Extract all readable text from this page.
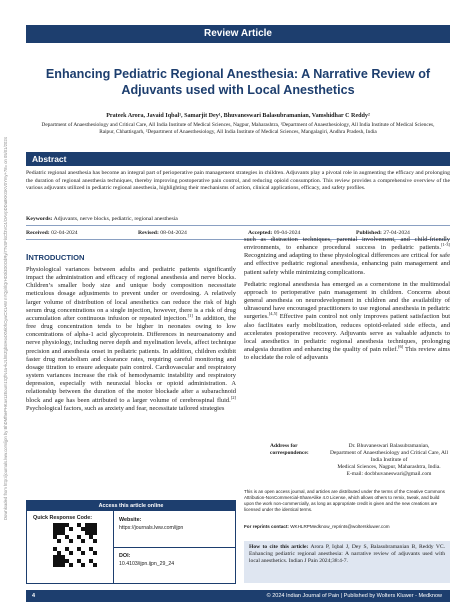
Downloaded from http://journals.lww.com/ijpn by BhDMf5ePHKav1zEoum1tQfN4a+kJLhEZgbsIHo4XMi0hCywCX1AW nYQp/IlQrHD3i3D0OdRyi7TvSFl4Cf3VC4/OAVpDDa8KKGKV0Ymy+78= on 05/01/2024
Review Article
Enhancing Pediatric Regional Anesthesia: A Narrative Review of Adjuvants used with Local Anesthetics
Prateek Arora, Javaid Iqbal¹, Samarjit Dey¹, Bhuvaneswari Balasubramanian, Vamshidhar C Reddy²
Department of Anaesthesiology and Critical Care, All India Institute of Medical Sciences, Nagpur, Maharashtra, ¹Department of Anaesthesiology, All India Institute of Medical Sciences, Raipur, Chhattisgarh, ²Department of Anaesthesiology, All India Institute of Medical Sciences, Mangalagiri, Andhra Pradesh, India
Abstract
Pediatric regional anesthesia has become an integral part of perioperative pain management strategies in children. Adjuvants play a pivotal role in augmenting the efficacy and prolonging the duration of regional anesthesia techniques, thereby improving postoperative pain control, and reducing opioid consumption. This review provides a comprehensive overview of the various adjuvants utilized in pediatric regional anesthesia, highlighting their mechanisms of action, clinical applications, efficacy, and safety profiles.
Keywords: Adjuvants, nerve blocks, pediatric, regional anesthesia
Received: 02-04-2024	Revised: 08-04-2024	Accepted: 09-04-2024	Published: 27-04-2024
INTRODUCTION
Physiological variances between adults and pediatric patients significantly impact the administration and efficacy of regional anesthesia and nerve blocks. Children’s smaller body size and unique body composition necessitate meticulous dosage adjustments to prevent under or overdosing. A relatively larger volume of distribution of local anesthetics can reduce the risk of high serum drug concentrations on a single injection, however, there is a risk of drug accumulation after continuous infusion or repeated injection.[1] In addition, the free drug concentration tends to be higher in neonates owing to low concentrations of alpha-1 acid glycoprotein. Differences in neuroanatomy and nerve physiology, including nerve depth and myelination levels, affect technique precision and anesthesia onset in pediatric patients. In addition, children exhibit faster drug metabolism and clearance rates, requiring careful monitoring and dosage titration to ensure adequate pain control. Cardiovascular and respiratory system variances increase the risk of hemodynamic instability and respiratory depression, especially with neuraxial blocks or opioid administration. A relationship between the duration of the motor blockade after a subarachnoid block and age has been attributed to a larger volume of cerebrospinal fluid.[2] Psychological factors, such as anxiety and fear, necessitate tailored strategies
such as distraction techniques, parental involvement, and child-friendly environments, to enhance procedural success in pediatric patients.[1-3] Recognizing and adapting to these physiological differences are critical for safe and effective pediatric regional anesthesia, enhancing pain management and patient safety while minimizing complications.
Pediatric regional anesthesia has emerged as a cornerstone in the multimodal approach to perioperative pain management in children. Concerns about general anesthesia on neurodevelopment in children and the availability of ultrasound have encouraged practitioners to use regional anesthesia in pediatric surgeries.[4,5] Effective pain control not only improves patient satisfaction but also facilitates early mobilization, reduces opioid-related side effects, and accelerates postoperative recovery. Adjuvants serve as valuable adjuncts to local anesthetics in pediatric regional anesthesia techniques, prolonging analgesia duration and enhancing the quality of pain relief.[6] This review aims to elucidate the role of adjuvants
Address for correspondence:
Dr. Bhuvaneswari Balasubramanian,
Department of Anaesthesiology and Critical Care, All India Institute of
Medical Sciences, Nagpur, Maharashtra, India.
E-mail: docbhuvaneswari@gmail.com
Access this article online
Quick Response Code:	Website:
https://journals.lww.com/ijpn
DOI:
10.4103/ijpn.ijpn_29_24
This is an open access journal, and articles are distributed under the terms of the Creative Commons Attribution-NonCommercial-ShareAlike 4.0 License, which allows others to remix, tweak, and build upon the work non-commercially, as long as appropriate credit is given and the new creations are licensed under the identical terms.
For reprints contact: WKHLRPMedknow_reprints@wolterskluwer.com
How to cite this article: Arora P, Iqbal J, Dey S, Balasubramanian B, Reddy VC. Enhancing pediatric regional anesthesia: A narrative review of adjuvants used with local anesthetics. Indian J Pain 2024;38:4-7.
4	© 2024 Indian Journal of Pain | Published by Wolters Kluwer - Medknow
